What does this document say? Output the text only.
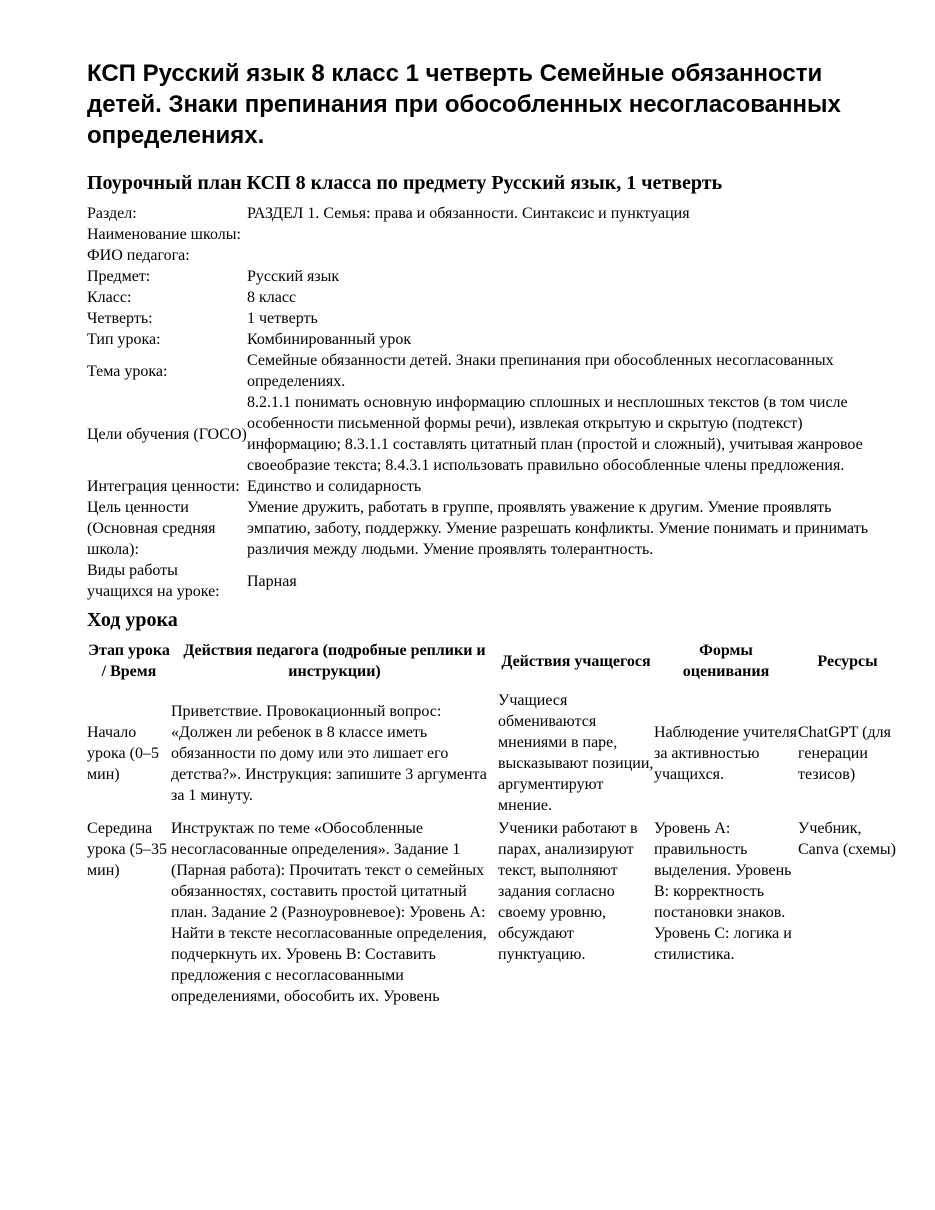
КСП Русский язык 8 класс 1 четверть Семейные обязанности детей. Знаки препинания при обособленных несогласованных определениях.
Поурочный план КСП 8 класса по предмету Русский язык, 1 четверть
Раздел:	РАЗДЕЛ 1. Семья: права и обязанности. Синтаксис и пунктуация
Наименование школы:	
ФИО педагога:	
Предмет:	Русский язык
Класс:	8 класс
Четверть:	1 четверть
Тип урока:	Комбинированный урок
Тема урока:	Семейные обязанности детей. Знаки препинания при обособленных несогласованных определениях.
Цели обучения (ГОСО)	8.2.1.1 понимать основную информацию сплошных и несплошных текстов (в том числе особенности письменной формы речи), извлекая открытую и скрытую (подтекст) информацию; 8.3.1.1 составлять цитатный план (простой и сложный), учитывая жанровое своеобразие текста; 8.4.3.1 использовать правильно обособленные члены предложения.
Интеграция ценности:	Единство и солидарность
Цель ценности (Основная средняя школа):	Умение дружить, работать в группе, проявлять уважение к другим. Умение проявлять эмпатию, заботу, поддержку. Умение разрешать конфликты. Умение понимать и принимать различия между людьми. Умение проявлять толерантность.
Виды работы учащихся на уроке:	Парная
Ход урока
Этап урока / Время	Действия педагога (подробные реплики и инструкции)	Действия учащегося	Формы оценивания	Ресурсы
Начало урока (0–5 мин)	Приветствие. Провокационный вопрос: «Должен ли ребенок в 8 классе иметь обязанности по дому или это лишает его детства?». Инструкция: запишите 3 аргумента за 1 минуту.	Учащиеся обмениваются мнениями в паре, высказывают позиции, аргументируют мнение.	Наблюдение учителя за активностью учащихся.	ChatGPT (для генерации тезисов)
Середина урока (5–35 мин)	Инструктаж по теме «Обособленные несогласованные определения». Задание 1 (Парная работа): Прочитать текст о семейных обязанностях, составить простой цитатный план. Задание 2 (Разноуровневое): Уровень A: Найти в тексте несогласованные определения, подчеркнуть их. Уровень B: Составить предложения с несогласованными определениями, обособить их. Уровень	Ученики работают в парах, анализируют текст, выполняют задания согласно своему уровню, обсуждают пунктуацию.	Уровень A: правильность выделения. Уровень B: корректность постановки знаков. Уровень C: логика и стилистика.	Учебник, Canva (схемы)
